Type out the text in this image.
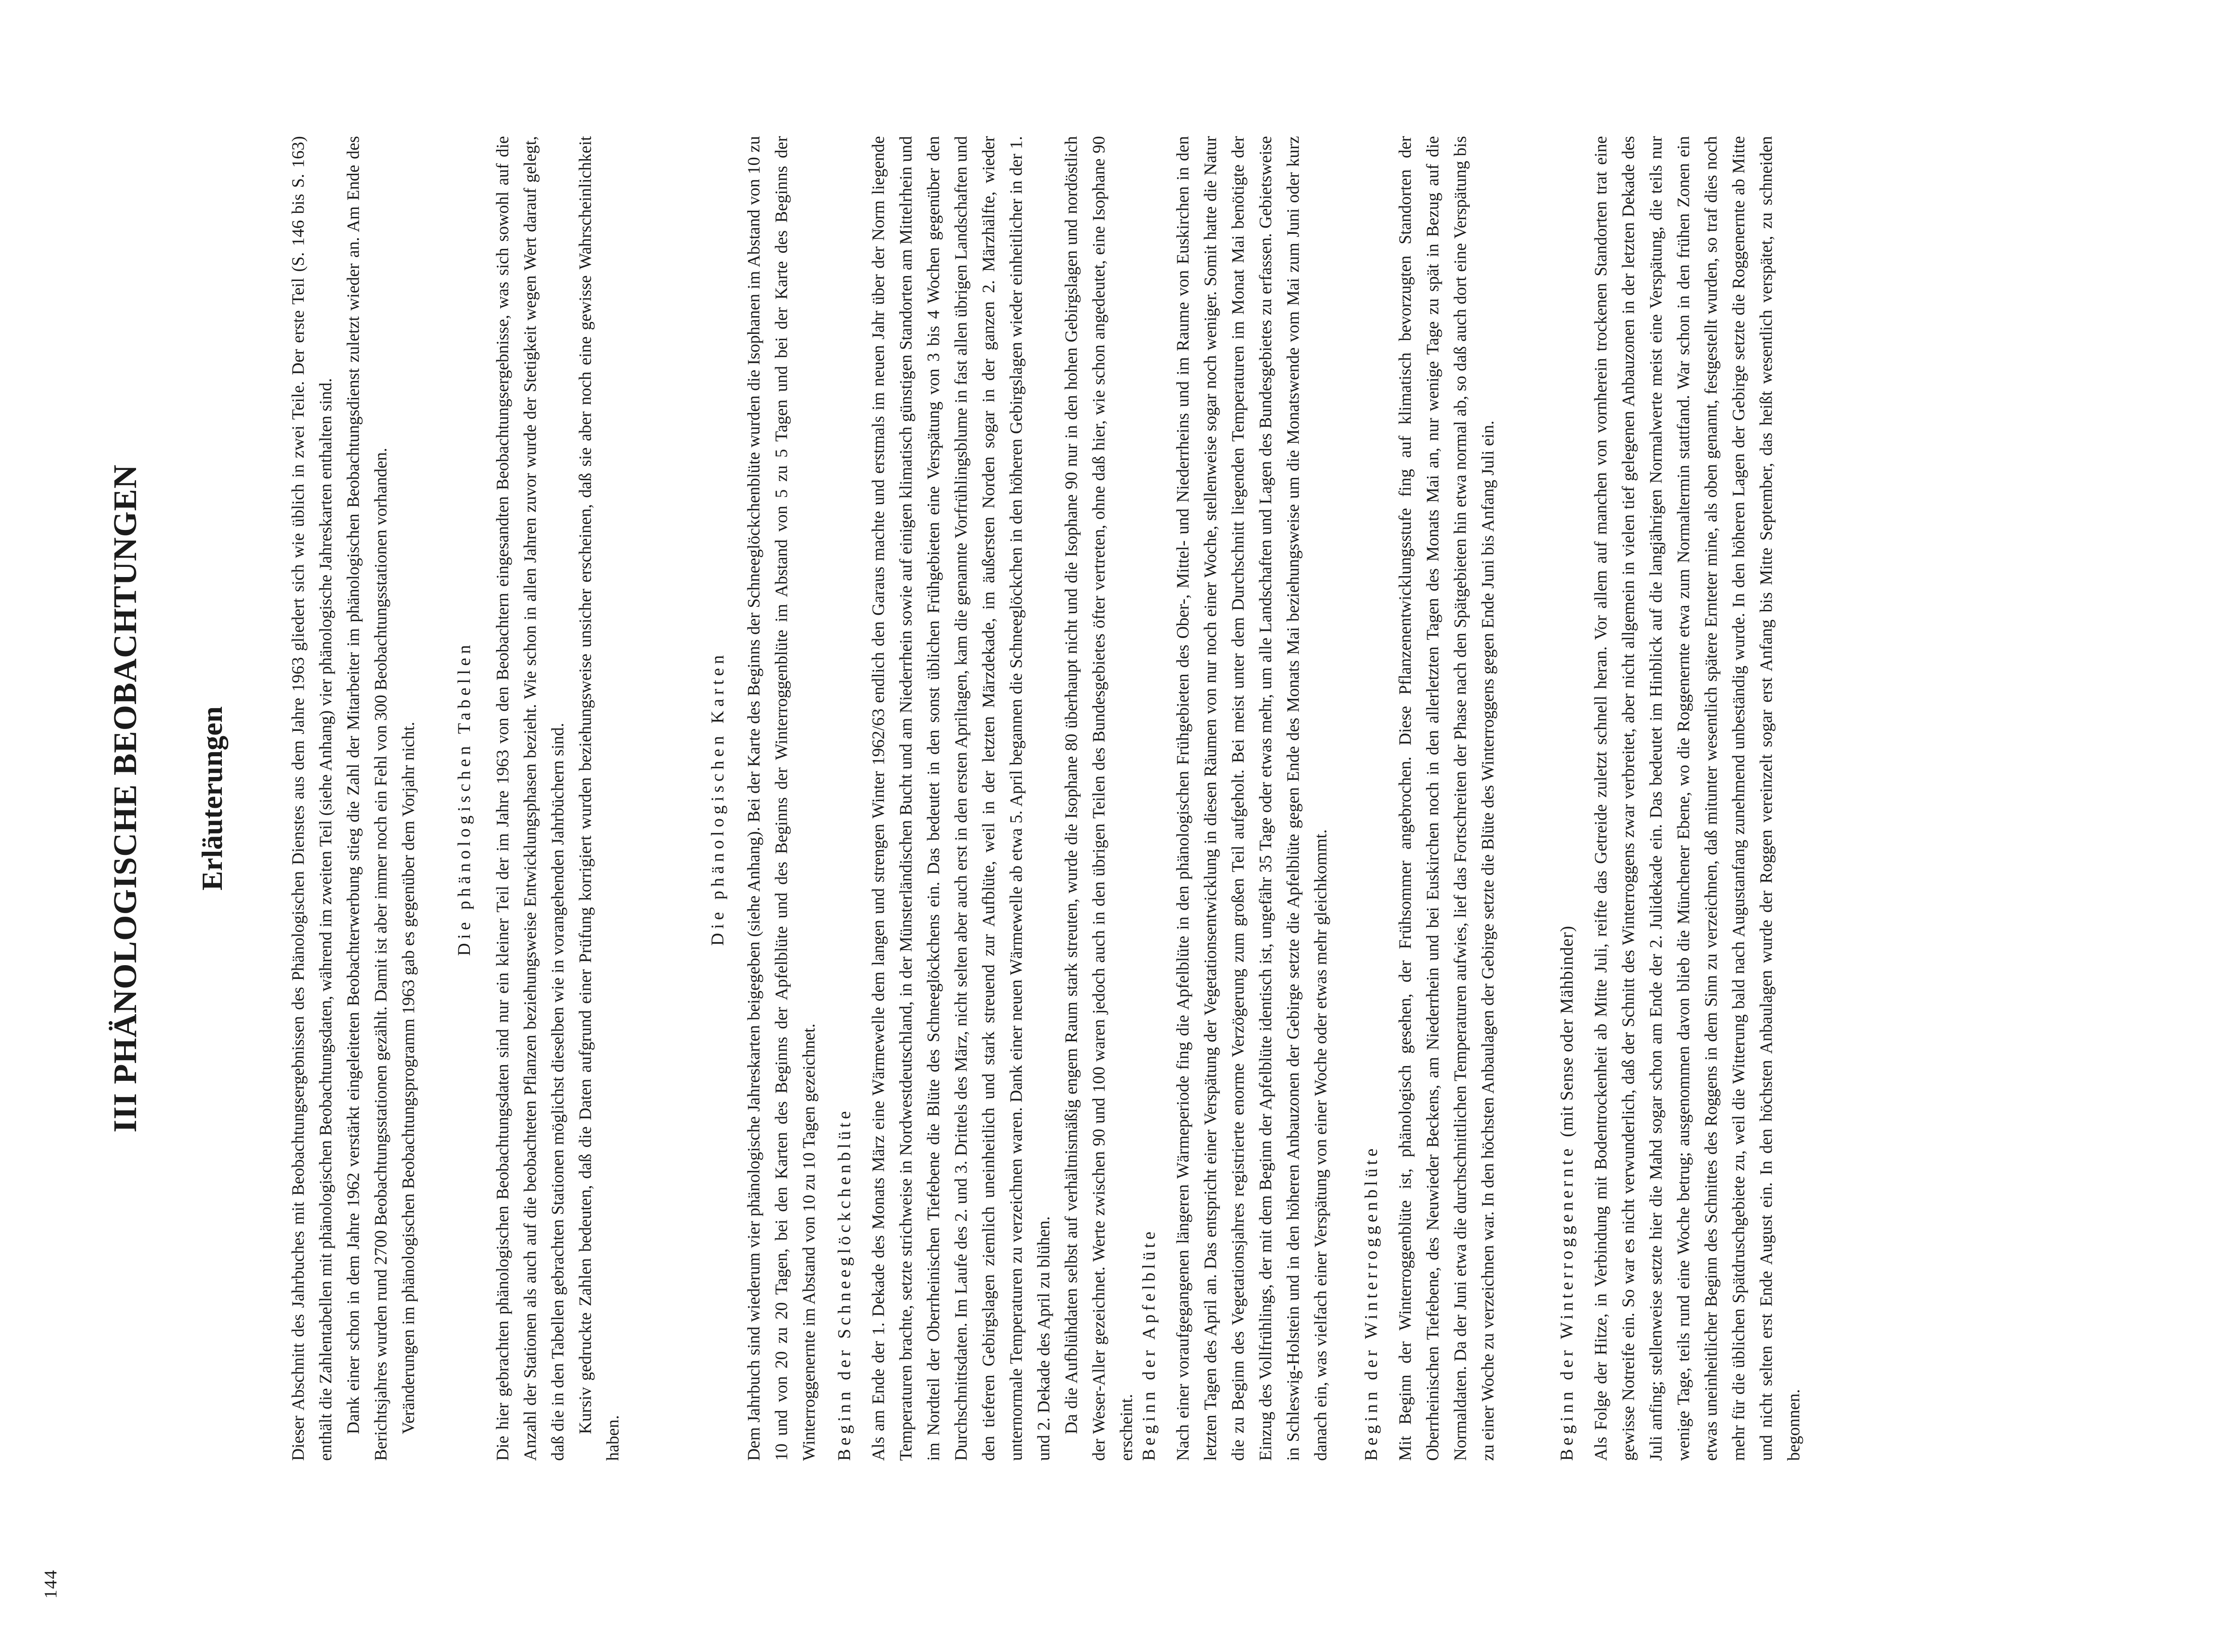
144
III PHÄNOLOGISCHE BEOBACHTUNGEN Erläuterungen	Dieser Abschnitt des Jahrbuches mit Beobachtungsergebnissen des Phänologischen Dienstes aus dem Jahre 1963 gliedert sich wie üblich in zwei Teile. Der erste Teil (S. 146 bis S. 163) enthält die Zahlentabellen mit phänologischen Beobachtungsdaten, während im zweiten Teil (siehe Anhang) vier phänologische Jahreskarten enthalten sind. Dank einer schon in dem Jahre 1962 verstärkt eingeleiteten Beobachterwerbung stieg die Zahl der Mitarbeiter im phänologischen Beobachtungsdienst zuletzt wieder an. Am Ende des Berichtsjahres wurden rund 2700 Beobachtungsstationen gezählt. Damit ist aber immer noch ein Fehl von 300 Beobachtungsstationen vorhanden. Veränderungen im phänologischen Beobachtungsprogramm 1963 gab es gegenüber dem Vorjahr nicht. Die phänologischen Tabellen Die hier gebrachten phänologischen Beobachtungsdaten sind nur ein kleiner Teil der im Jahre 1963 von den Beobachtern eingesandten Beobachtungsergebnisse, was sich sowohl auf die Anzahl der Stationen als auch auf die beobachteten Pflanzen beziehungsweise Entwicklungsphasen bezieht. Wie schon in allen Jahren zuvor wurde der Stetigkeit wegen Wert darauf gelegt, daß die in den Tabellen gebrachten Stationen möglichst dieselben wie in vorangehenden Jahrbüchern sind. Kursiv gedruckte Zahlen bedeuten, daß die Daten aufgrund einer Prüfung korrigiert wurden beziehungsweise unsicher erscheinen, daß sie aber noch eine gewisse Wahrscheinlichkeit haben.

Die phänologischen Karten Dem Jahrbuch sind wiederum vier phänologische Jahreskarten beigegeben (siehe Anhang). Bei der Karte des Beginns der Schneeglöckchenblüte wurden die Isophanen im Abstand von 10 zu 10 und von 20 zu 20 Tagen, bei den Karten des Beginns der Apfelblüte und des Beginns der Winterroggenblüte im Abstand von 5 zu 5 Tagen und bei der Karte des Beginns der Winterroggenernte im Abstand von 10 zu 10 Tagen gezeichnet. Beginn der Schneeglöckchenblüte Als am Ende der 1. Dekade des Monats März eine Wärmewelle dem langen und strengen Winter 1962/63 endlich den Garaus machte und erstmals im neuen Jahr über der Norm liegende Temperaturen brachte, setzte strichweise in Nordwestdeutschland, in der Münsterländischen Bucht und am Niederrhein sowie auf einigen klimatisch günstigen Standorten am Mittelrhein und im Nordteil der Oberrheinischen Tiefebene die Blüte des Schneeglöckchens ein. Das bedeutet in den sonst üblichen Frühgebieten eine Verspätung von 3 bis 4 Wochen gegenüber den Durchschnittsdaten. Im Laufe des 2. und 3. Drittels des März, nicht selten aber auch erst in den ersten Apriltagen, kam die genannte Vorfrühlingsblume in fast allen übrigen Landschaften und den tieferen Gebirgslagen ziemlich uneinheitlich und stark streuend zur Aufblüte, weil in der letzten Märzdekade, im äußersten Norden sogar in der ganzen 2. Märzhälfte, wieder unternormale Temperaturen zu verzeichnen waren. Dank einer neuen Wärmewelle ab etwa 5. April begannen die Schneeglöckchen in den höheren Gebirgslagen wieder einheitlicher in der 1. und 2. Dekade des April zu blühen. Da die Aufblühdaten selbst auf verhältnismäßig engem Raum stark streuten, wurde die Isophane 80 überhaupt nicht und die Isophane 90 nur in den hohen Gebirgslagen und nordöstlich der Weser-Aller gezeichnet. Werte zwischen 90 und 100 waren jedoch auch in den übrigen Teilen des Bundesgebietes öfter vertreten, ohne daß hier, wie schon angedeutet, eine Isophane 90 erscheint. Beginn der Apfelblüte Nach einer voraufgegangenen längeren Wärmeperiode fing die Apfelblüte in den phänologischen Frühgebieten des Ober-, Mittel- und Niederrheins und im Raume von Euskirchen in den letzten Tagen des April an. Das entspricht einer Verspätung der Vegetationsentwicklung in diesen Räumen von nur noch einer Woche, stellenweise sogar noch weniger. Somit hatte die Natur die zu Beginn des Vegetationsjahres registrierte enorme Verzögerung zum großen Teil aufgeholt. Bei meist unter dem Durchschnitt liegenden Temperaturen im Monat Mai benötigte der Einzug des Vollfrühlings, der mit dem Beginn der Apfelblüte identisch ist, ungefähr 35 Tage oder etwas mehr, um alle Landschaften und Lagen des Bundesgebietes zu erfassen. Gebietsweise in Schleswig-Holstein und in den höheren Anbauzonen der Gebirge setzte die Apfelblüte gegen Ende des Monats Mai beziehungsweise um die Monatswende vom Mai zum Juni oder kurz danach ein, was vielfach einer Verspätung von einer Woche oder etwas mehr gleichkommt. Beginn der Winterroggenblüte Mit Beginn der Winterroggenblüte ist, phänologisch gesehen, der Frühsommer angebrochen. Diese Pflanzenentwicklungsstufe fing auf klimatisch bevorzugten Standorten der Oberrheinischen Tiefebene, des Neuwieder Beckens, am Niederrhein und bei Euskirchen noch in den allerletzten Tagen des Monats Mai an, nur wenige Tage zu spät in Bezug auf die Normaldaten. Da der Juni etwa die durchschnittlichen Temperaturen aufwies, lief das Fortschreiten der Phase nach den Spätgebieten hin etwa normal ab, so daß auch dort eine Verspätung bis zu einer Woche zu verzeichnen war. In den höchsten Anbaulagen der Gebirge setzte die Blüte des Winterroggens gegen Ende Juni bis Anfang Juli ein.	Beginn der Winterroggenernte (mit Sense oder Mähbinder) Als Folge der Hitze, in Verbindung mit Bodentrockenheit ab Mitte Juli, reifte das Getreide zuletzt schnell heran. Vor allem auf manchen von vornherein trockenen Standorten trat eine gewisse Notreife ein. So war es nicht verwunderlich, daß der Schnitt des Winterroggens zwar verbreitet, aber nicht allgemein in vielen tief gelegenen Anbauzonen in der letzten Dekade des Juli anfing; stellenweise setzte hier die Mahd sogar schon am Ende der 2. Julidekade ein. Das bedeutet im Hinblick auf die langjährigen Normalwerte meist eine Verspätung, die teils nur wenige Tage, teils rund eine Woche betrug; ausgenommen davon blieb die Münchener Ebene, wo die Roggenernte etwa zum Normaltermin stattfand. War schon in den frühen Zonen ein etwas uneinheitlicher Beginn des Schnittes des Roggens in dem Sinn zu verzeichnen, daß mitunter wesentlich spätere Ernteter mine, als oben genannt, festgestellt wurden, so traf dies noch mehr für die üblichen Spätdruschgebiete zu, weil die Witterung bald nach Augustanfang zunehmend unbeständig wurde. In den höheren Lagen der Gebirge setzte die Roggenernte ab Mitte und nicht selten erst Ende August ein. In den höchsten Anbaulagen wurde der Roggen vereinzelt sogar erst Anfang bis Mitte September, das heißt wesentlich verspätet, zu schneiden begonnen.
